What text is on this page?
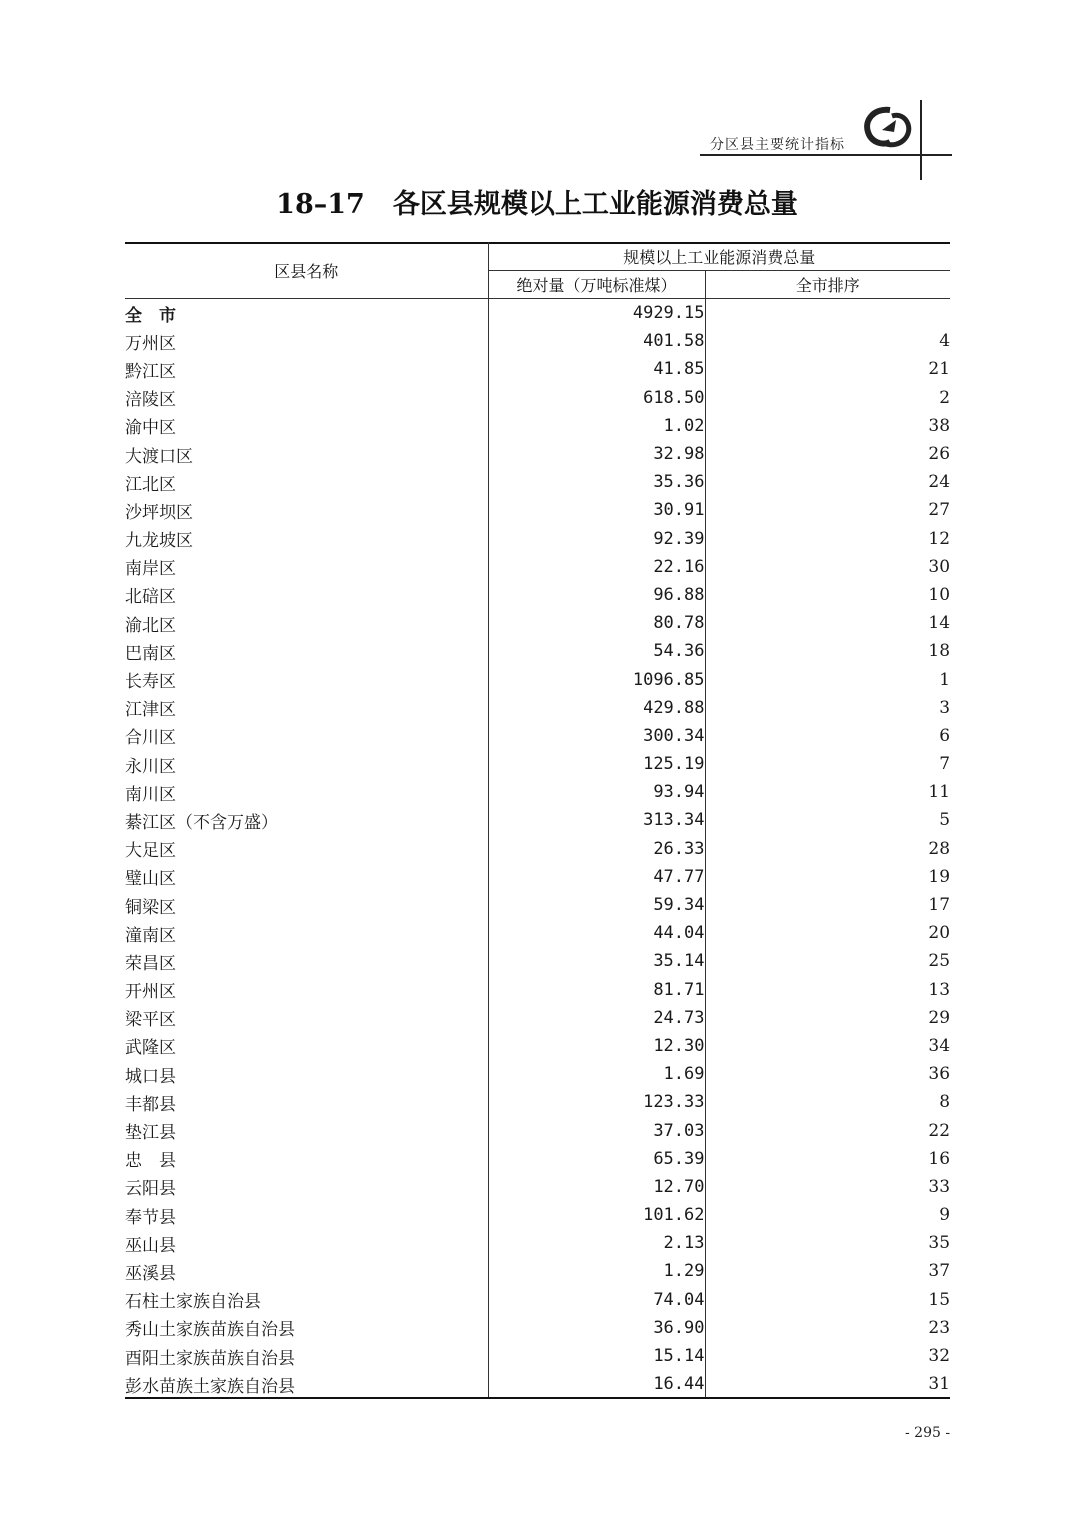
分区县主要统计指标
18–17 各区县规模以上工业能源消费总量
区县名称	规模以上工业能源消费总量	
	绝对量（万吨标准煤）	全市排序
全　市	4929.15	
万州区	401.58	4
黔江区	41.85	21
涪陵区	618.50	2
渝中区	1.02	38
大渡口区	32.98	26
江北区	35.36	24
沙坪坝区	30.91	27
九龙坡区	92.39	12
南岸区	22.16	30
北碚区	96.88	10
渝北区	80.78	14
巴南区	54.36	18
长寿区	1096.85	1
江津区	429.88	3
合川区	300.34	6
永川区	125.19	7
南川区	93.94	11
綦江区（不含万盛）	313.34	5
大足区	26.33	28
璧山区	47.77	19
铜梁区	59.34	17
潼南区	44.04	20
荣昌区	35.14	25
开州区	81.71	13
梁平区	24.73	29
武隆区	12.30	34
城口县	1.69	36
丰都县	123.33	8
垫江县	37.03	22
忠　县	65.39	16
云阳县	12.70	33
奉节县	101.62	9
巫山县	2.13	35
巫溪县	1.29	37
石柱土家族自治县	74.04	15
秀山土家族苗族自治县	36.90	23
酉阳土家族苗族自治县	15.14	32
彭水苗族土家族自治县	16.44	31
- 295 -
